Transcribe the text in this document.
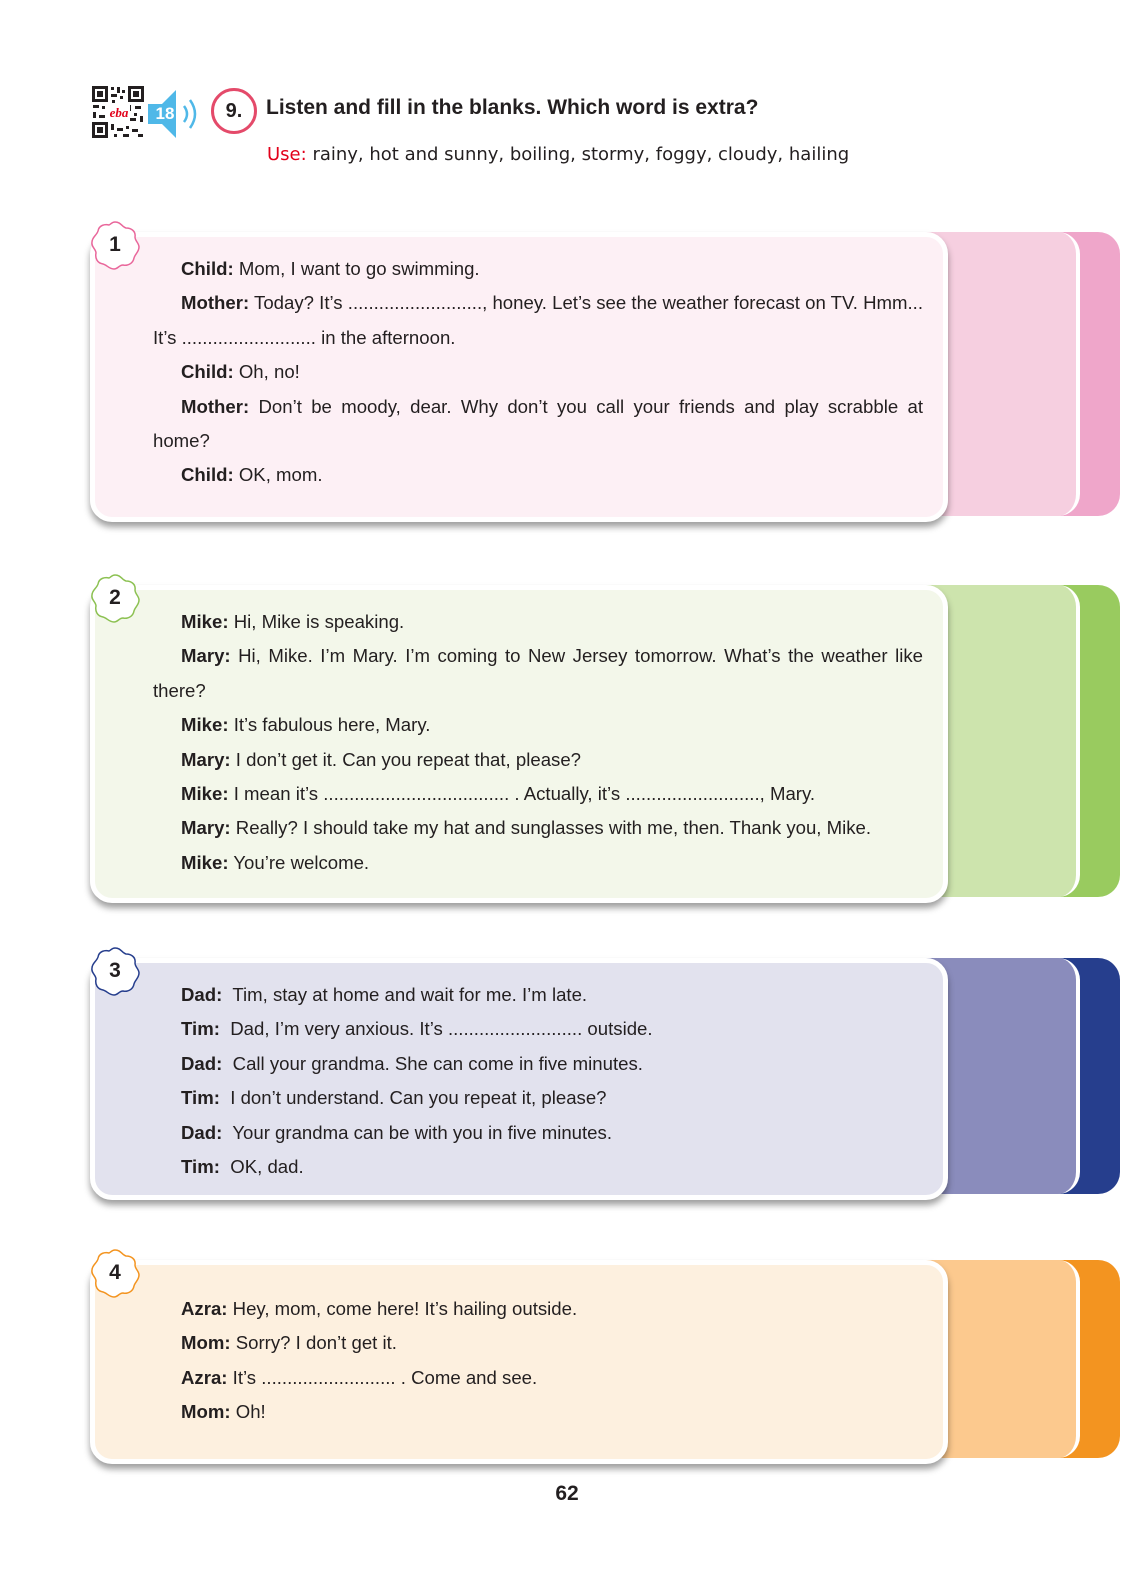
eba	18	9.	Listen and fill in the blanks. Which word is extra?
Use: rainy, hot and sunny, boiling, stormy, foggy, cloudy, hailing
1

Child: Mom, I want to go swimming.

Mother: Today? It’s .........................., honey. Let’s see the weather forecast on TV. Hmm... It’s .......................... in the afternoon.

Child: Oh, no!

Mother: Don’t be moody, dear. Why don’t you call your friends and play scrabble at home?

Child: OK, mom.

2

Mike: Hi, Mike is speaking.

Mary: Hi, Mike. I’m Mary. I’m coming to New Jersey tomorrow. What’s the weather like there?

Mike: It’s fabulous here, Mary.

Mary: I don’t get it. Can you repeat that, please?

Mike: I mean it’s .................................... . Actually, it’s .........................., Mary.

Mary: Really? I should take my hat and sunglasses with me, then. Thank you, Mike.

Mike: You’re welcome.

3

Dad:  Tim, stay at home and wait for me. I’m late.

Tim:  Dad, I’m very anxious. It’s .......................... outside.

Dad:  Call your grandma. She can come in five minutes.

Tim:  I don’t understand. Can you repeat it, please?

Dad:  Your grandma can be with you in five minutes.

Tim:  OK, dad.

4

Azra: Hey, mom, come here! It’s hailing outside.

Mom: Sorry? I don’t get it.

Azra: It’s .......................... . Come and see.

Mom: Oh!

62
